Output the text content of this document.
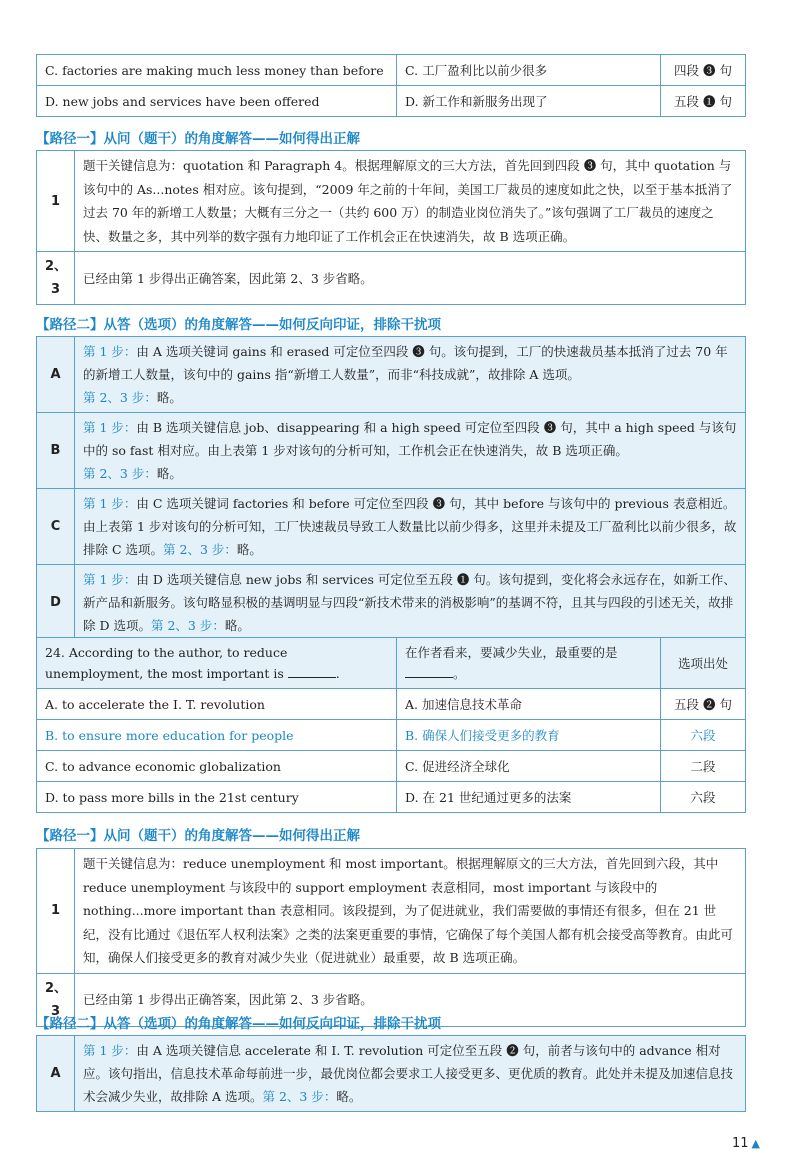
C. factories are making much less money than before	C. 工厂盈利比以前少很多	四段 ❸ 句
D. new jobs and services have been offered	D. 新工作和新服务出现了	五段 ❶ 句
【路径一】从问（题干）的角度解答——如何得出正解
1	题干关键信息为：quotation 和 Paragraph 4。根据理解原文的三大方法，首先回到四段 ❸ 句，其中 quotation 与该句中的 As...notes 相对应。该句提到，“2009 年之前的十年间，美国工厂裁员的速度如此之快，以至于基本抵消了过去 70 年的新增工人数量；大概有三分之一（共约 600 万）的制造业岗位消失了。”该句强调了工厂裁员的速度之快、数量之多，其中列举的数字强有力地印证了工作机会正在快速消失，故 B 选项正确。
2、3	已经由第 1 步得出正确答案，因此第 2、3 步省略。
【路径二】从答（选项）的角度解答——如何反向印证，排除干扰项
A	第 1 步：由 A 选项关键词 gains 和 erased 可定位至四段 ❸ 句。该句提到，工厂的快速裁员基本抵消了过去 70 年的新增工人数量，该句中的 gains 指“新增工人数量”，而非“科技成就”，故排除 A 选项。
第 2、3 步：略。
B	第 1 步：由 B 选项关键信息 job、disappearing 和 a high speed 可定位至四段 ❸ 句，其中 a high speed 与该句中的 so fast 相对应。由上表第 1 步对该句的分析可知，工作机会正在快速消失，故 B 选项正确。
第 2、3 步：略。
C	第 1 步：由 C 选项关键词 factories 和 before 可定位至四段 ❸ 句，其中 before 与该句中的 previous 表意相近。由上表第 1 步对该句的分析可知，工厂快速裁员导致工人数量比以前少得多，这里并未提及工厂盈利比以前少很多，故排除 C 选项。第 2、3 步：略。
D	第 1 步：由 D 选项关键信息 new jobs 和 services 可定位至五段 ❶ 句。该句提到，变化将会永远存在，如新工作、新产品和新服务。该句略显积极的基调明显与四段“新技术带来的消极影响”的基调不符，且其与四段的引述无关，故排除 D 选项。第 2、3 步：略。
24. According to the author, to reduce unemployment, the most important is .	在作者看来，要减少失业，最重要的是。	选项出处
A. to accelerate the I. T. revolution	A. 加速信息技术革命	五段 ❷ 句
B. to ensure more education for people	B. 确保人们接受更多的教育	六段
C. to advance economic globalization	C. 促进经济全球化	二段
D. to pass more bills in the 21st century	D. 在 21 世纪通过更多的法案	六段
【路径一】从问（题干）的角度解答——如何得出正解
1	题干关键信息为：reduce unemployment 和 most important。根据理解原文的三大方法，首先回到六段，其中 reduce unemployment 与该段中的 support employment 表意相同，most important 与该段中的 nothing...more important than 表意相同。该段提到，为了促进就业，我们需要做的事情还有很多，但在 21 世纪，没有比通过《退伍军人权利法案》之类的法案更重要的事情，它确保了每个美国人都有机会接受高等教育。由此可知，确保人们接受更多的教育对减少失业（促进就业）最重要，故 B 选项正确。
2、3	已经由第 1 步得出正确答案，因此第 2、3 步省略。
【路径二】从答（选项）的角度解答——如何反向印证，排除干扰项
A	第 1 步：由 A 选项关键信息 accelerate 和 I. T. revolution 可定位至五段 ❷ 句，前者与该句中的 advance 相对应。该句指出，信息技术革命每前进一步，最优岗位都会要求工人接受更多、更优质的教育。此处并未提及加速信息技术会减少失业，故排除 A 选项。第 2、3 步：略。
11 ▲
